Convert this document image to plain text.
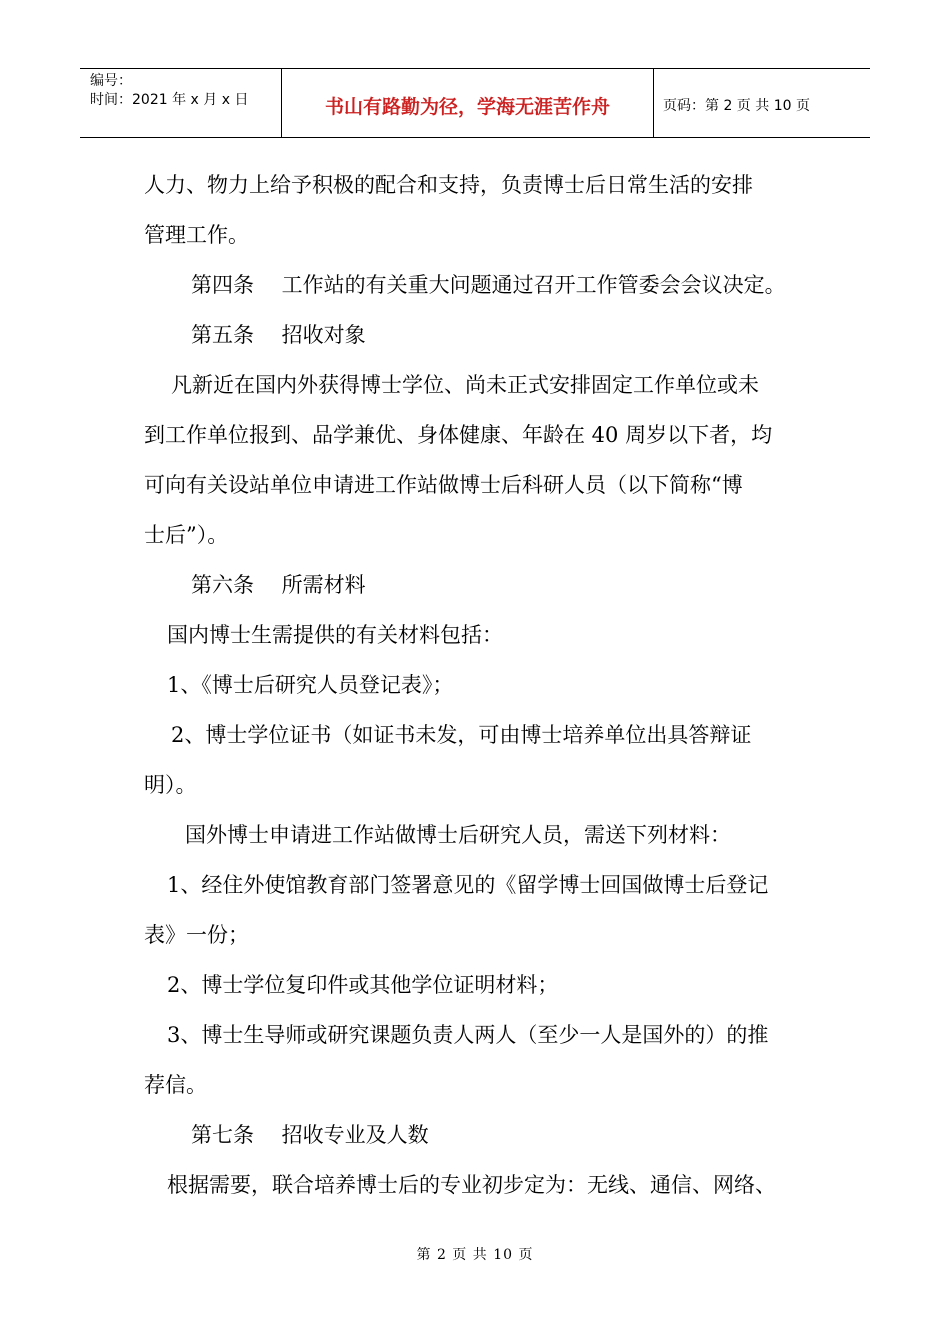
编号：
时间：2021 年 x 月 x 日	书山有路勤为径，学海无涯苦作舟	页码：第 2 页 共 10 页
人力、物力上给予积极的配合和支持，负责博士后日常生活的安排
管理工作。
第四条　 工作站的有关重大问题通过召开工作管委会会议决定。
第五条　 招收对象
凡新近在国内外获得博士学位、尚未正式安排固定工作单位或未
到工作单位报到、品学兼优、身体健康、年龄在 40 周岁以下者，均
可向有关设站单位申请进工作站做博士后科研人员（以下简称“博
士后”）。
第六条　 所需材料
国内博士生需提供的有关材料包括：
1、《博士后研究人员登记表》；
2、博士学位证书（如证书未发，可由博士培养单位出具答辩证
明）。
国外博士申请进工作站做博士后研究人员，需送下列材料：
1、经住外使馆教育部门签署意见的《留学博士回国做博士后登记
表》一份；
2、博士学位复印件或其他学位证明材料；
3、博士生导师或研究课题负责人两人（至少一人是国外的）的推
荐信。
第七条　 招收专业及人数
根据需要，联合培养博士后的专业初步定为：无线、通信、网络、
第 2 页 共 10 页
